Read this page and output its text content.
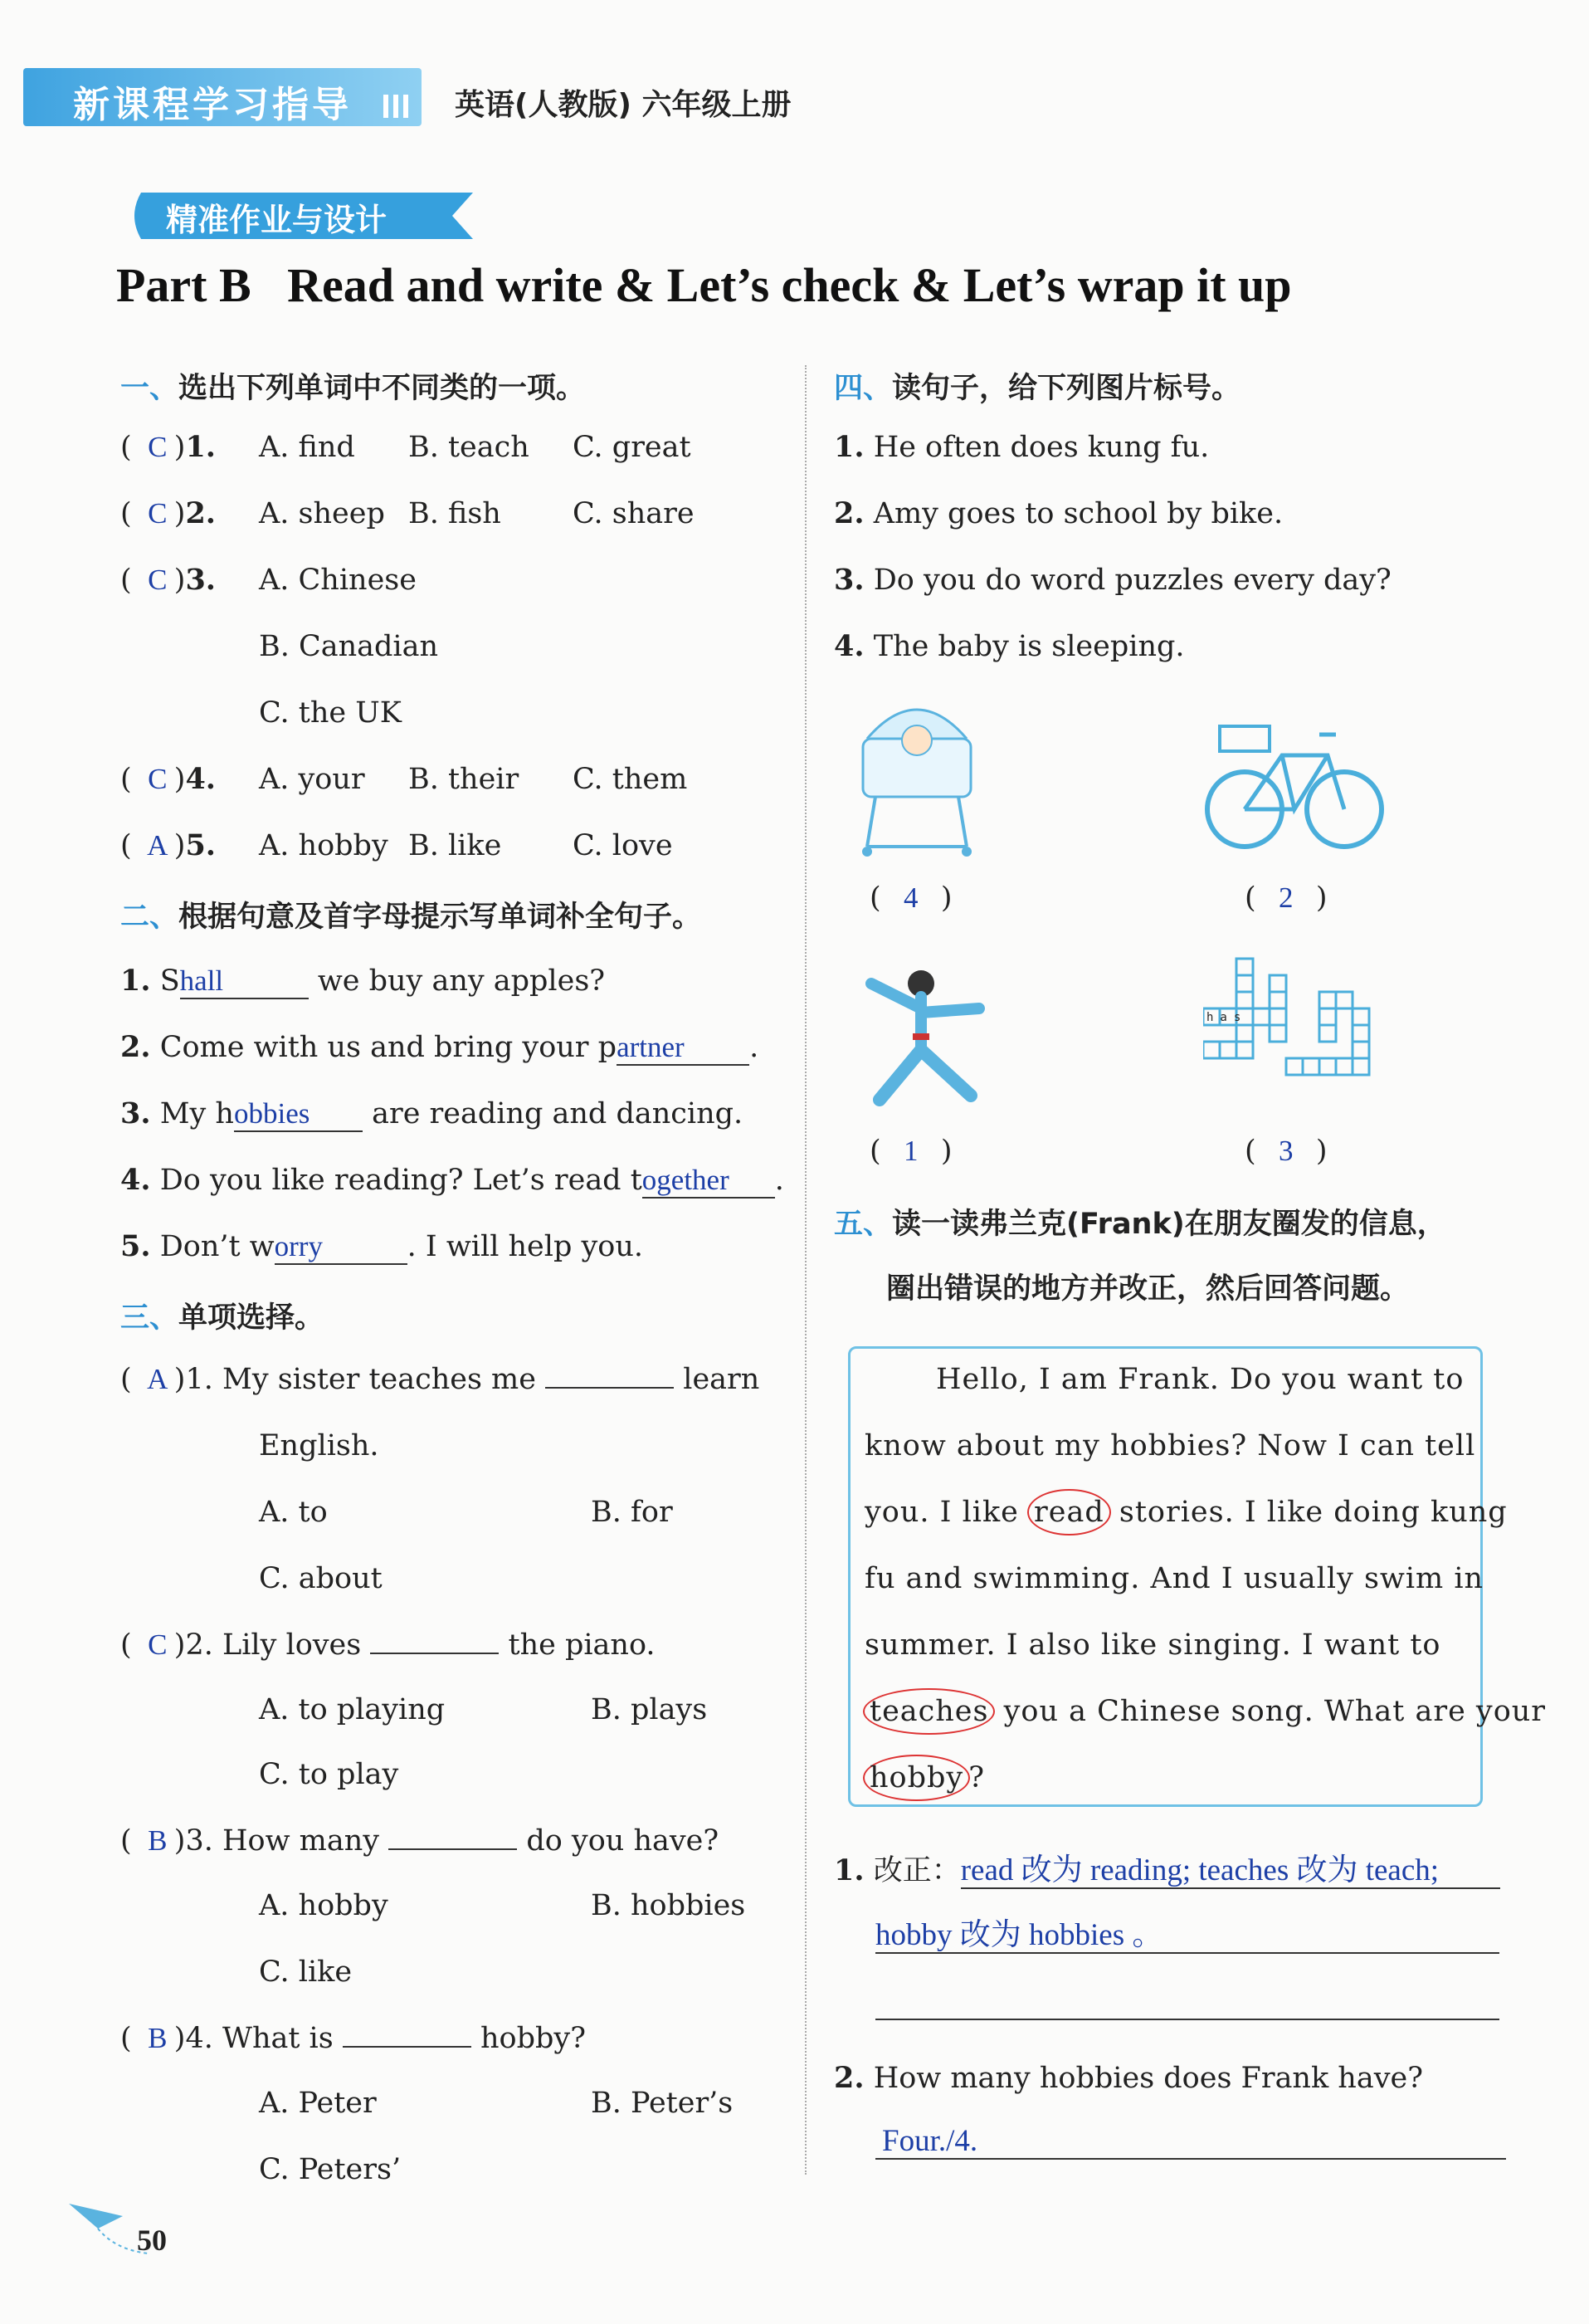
新课程学习指导	英语(人教版) 六年级上册
精准作业与设计
Part B   Read and write & Let’s check & Let’s wrap it up
一、选出下列单词中不同类的一项。
( C )1. A. find B. teach C. great
( C )2. A. sheep B. fish C. share
( C )3. A. Chinese
B. Canadian
C. the UK
( C )4. A. your B. their C. them
( A )5. A. hobby B. like C. love
二、根据句意及首字母提示写单词补全句子。
1. Shall	we buy any apples?
2. Come with us and bring your partner .
3. My hobbies are reading and dancing.
4. Do you like reading? Let’s read together .
5. Don’t worry	. I will help you.
三、单项选择。
( A )1. My sister teaches me	learn
English.
A. to	B. for
C. about
( C )2. Lily loves	the piano.
A. to playing	B. plays
C. to play
( B )3. How many	do you have?
A. hobby	B. hobbies
C. like
( B )4. What is	hobby?
A. Peter	B. Peter’s
C. Peters’
四、读句子，给下列图片标号。
1. He often does kung fu.
2. Amy goes to school by bike.
3. Do you do word puzzles every day?
4. The baby is sleeping.
( 4 )	( 2 )
has
( 1 )	( 3 )
五、读一读弗兰克(Frank)在朋友圈发的信息，
圈出错误的地方并改正，然后回答问题。
Hello, I am Frank. Do you want to
know about my hobbies? Now I can tell
you. I like read stories. I like doing kung
fu and swimming. And I usually swim in
summer. I also like singing. I want to
teaches you a Chinese song. What are your
hobby ?
1. 改正：read 改为 reading; teaches 改为 teach;
hobby 改为 hobbies 。
2. How many hobbies does Frank have?
Four./4.
50
